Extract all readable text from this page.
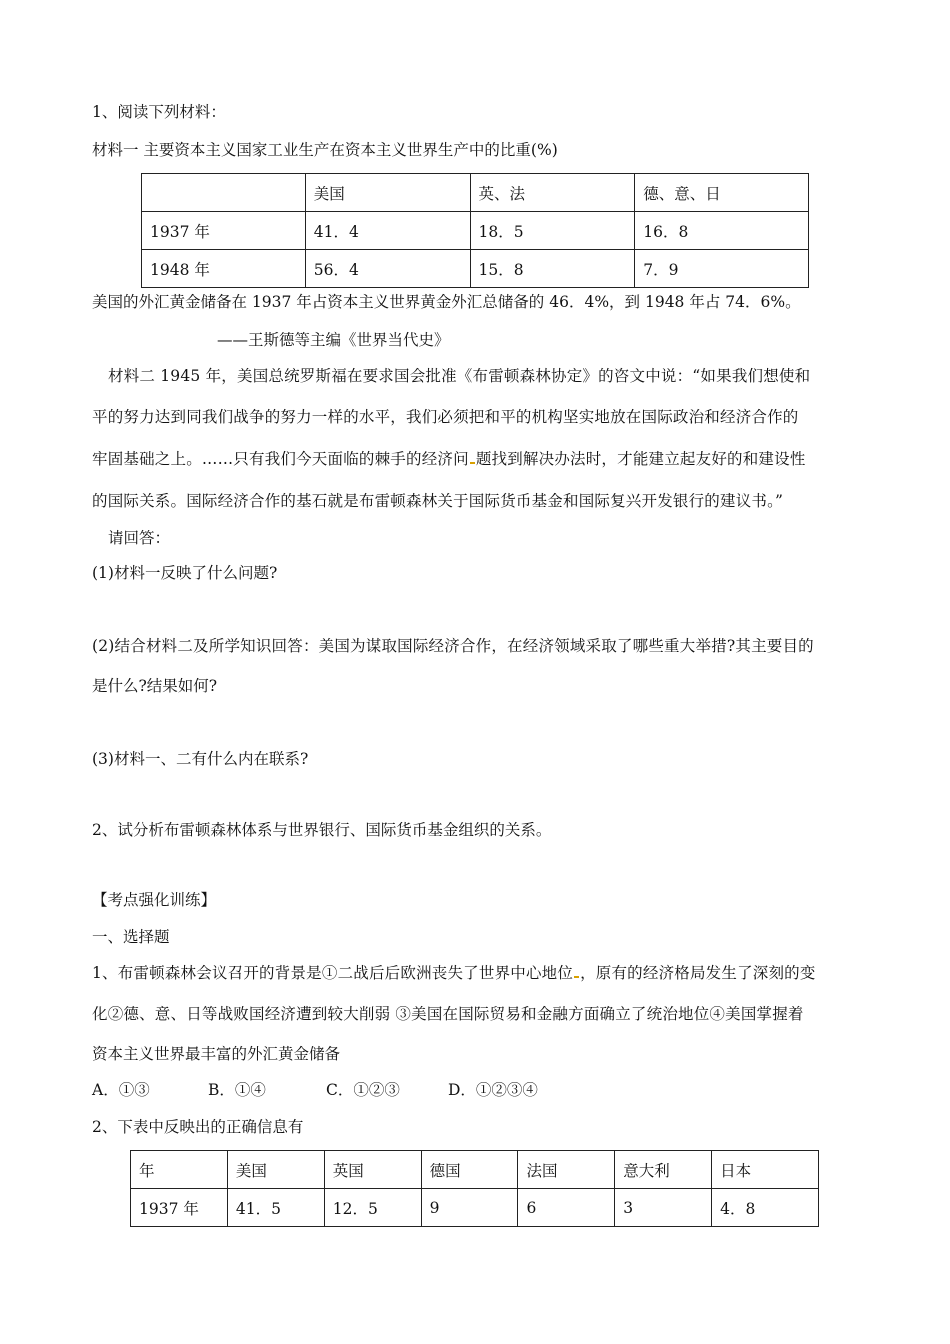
1、阅读下列材料：
材料一 主要资本主义国家工业生产在资本主义世界生产中的比重(%)
	美国	英、法	德、意、日
1937 年	41．4	18．5	16．8
1948 年	56．4	15．8	7．9
美国的外汇黄金储备在 1937 年占资本主义世界黄金外汇总储备的 46．4%，到 1948 年占 74．6%。
——王斯德等主编《世界当代史》
材料二 1945 年，美国总统罗斯福在要求国会批准《布雷顿森林协定》的咨文中说：“如果我们想使和
平的努力达到同我们战争的努力一样的水平，我们必须把和平的机构坚实地放在国际政治和经济合作的
牢固基础之上。……只有我们今天面临的棘手的经济问 题找到解决办法时，才能建立起友好的和建设性
的国际关系。国际经济合作的基石就是布雷顿森林关于国际货币基金和国际复兴开发银行的建议书。”
请回答：
(1)材料一反映了什么问题?
(2)结合材料二及所学知识回答：美国为谋取国际经济合作，在经济领域采取了哪些重大举措?其主要目的
是什么?结果如何?
(3)材料一、二有什么内在联系?
2、试分析布雷顿森林体系与世界银行、国际货币基金组织的关系。
【考点强化训练】
一、选择题
1、布雷顿森林会议召开的背景是①二战后后欧洲丧失了世界中心地位 ，原有的经济格局发生了深刻的变
化②德、意、日等战败国经济遭到较大削弱 ③美国在国际贸易和金融方面确立了统治地位④美国掌握着
资本主义世界最丰富的外汇黄金储备
A．①③	B．①④	C．①②③	D．①②③④
2、下表中反映出的正确信息有
年	美国	英国	德国	法国	意大利	日本
1937 年	41．5	12．5	9	6	3	4．8
